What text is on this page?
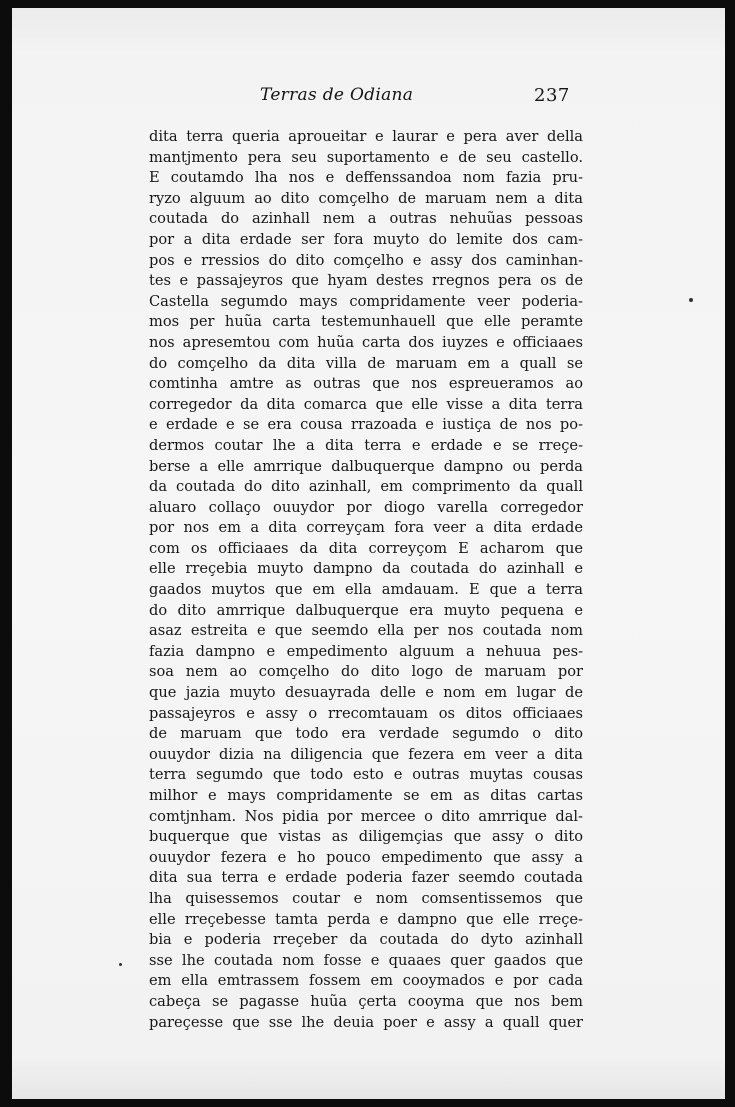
Terras de Odiana	237
dita terra queria aproueitar e laurar e pera aver della
mantjmento pera seu suportamento e de seu castello.
E coutamdo lha nos e deffenssandoa nom fazia pru-
ryzo alguum ao dito comçelho de maruam nem a dita
coutada do azinhall nem a outras nehuũas pessoas
por a dita erdade ser fora muyto do lemite dos cam-
pos e rressios do dito comçelho e assy dos caminhan-
tes e passajeyros que hyam destes rregnos pera os de
Castella segumdo mays compridamente veer poderia-
mos per huũa carta testemunhauell que elle peramte
nos apresemtou com huũa carta dos iuyzes e officiaaes
do comçelho da dita villa de maruam em a quall se
comtinha amtre as outras que nos espreueramos ao
corregedor da dita comarca que elle visse a dita terra
e erdade e se era cousa rrazoada e iustiça de nos po-
dermos coutar lhe a dita terra e erdade e se rreçe-
berse a elle amrrique dalbuquerque dampno ou perda
da coutada do dito azinhall, em comprimento da quall
aluaro collaço ouuydor por diogo varella corregedor
por nos em a dita correyçam fora veer a dita erdade
com os officiaaes da dita correyçom E acharom que
elle rreçebia muyto dampno da coutada do azinhall e
gaados muytos que em ella amdauam. E que a terra
do dito amrrique dalbuquerque era muyto pequena e
asaz estreita e que seemdo ella per nos coutada nom
fazia dampno e empedimento alguum a nehuua pes-
soa nem ao comçelho do dito logo de maruam por
que jazia muyto desuayrada delle e nom em lugar de
passajeyros e assy o rrecomtauam os ditos officiaaes
de maruam que todo era verdade segumdo o dito
ouuydor dizia na diligencia que fezera em veer a dita
terra segumdo que todo esto e outras muytas cousas
milhor e mays compridamente se em as ditas cartas
comtjnham. Nos pidia por mercee o dito amrrique dal-
buquerque que vistas as diligemçias que assy o dito
ouuydor fezera e ho pouco empedimento que assy a
dita sua terra e erdade poderia fazer seemdo coutada
lha quisessemos coutar e nom comsentissemos que
elle rreçebesse tamta perda e dampno que elle rreçe-
bia e poderia rreçeber da coutada do dyto azinhall
sse lhe coutada nom fosse e quaaes quer gaados que
em ella emtrassem fossem em cooymados e por cada
cabeça se pagasse huũa çerta cooyma que nos bem
pareçesse que sse lhe deuia poer e assy a quall quer
